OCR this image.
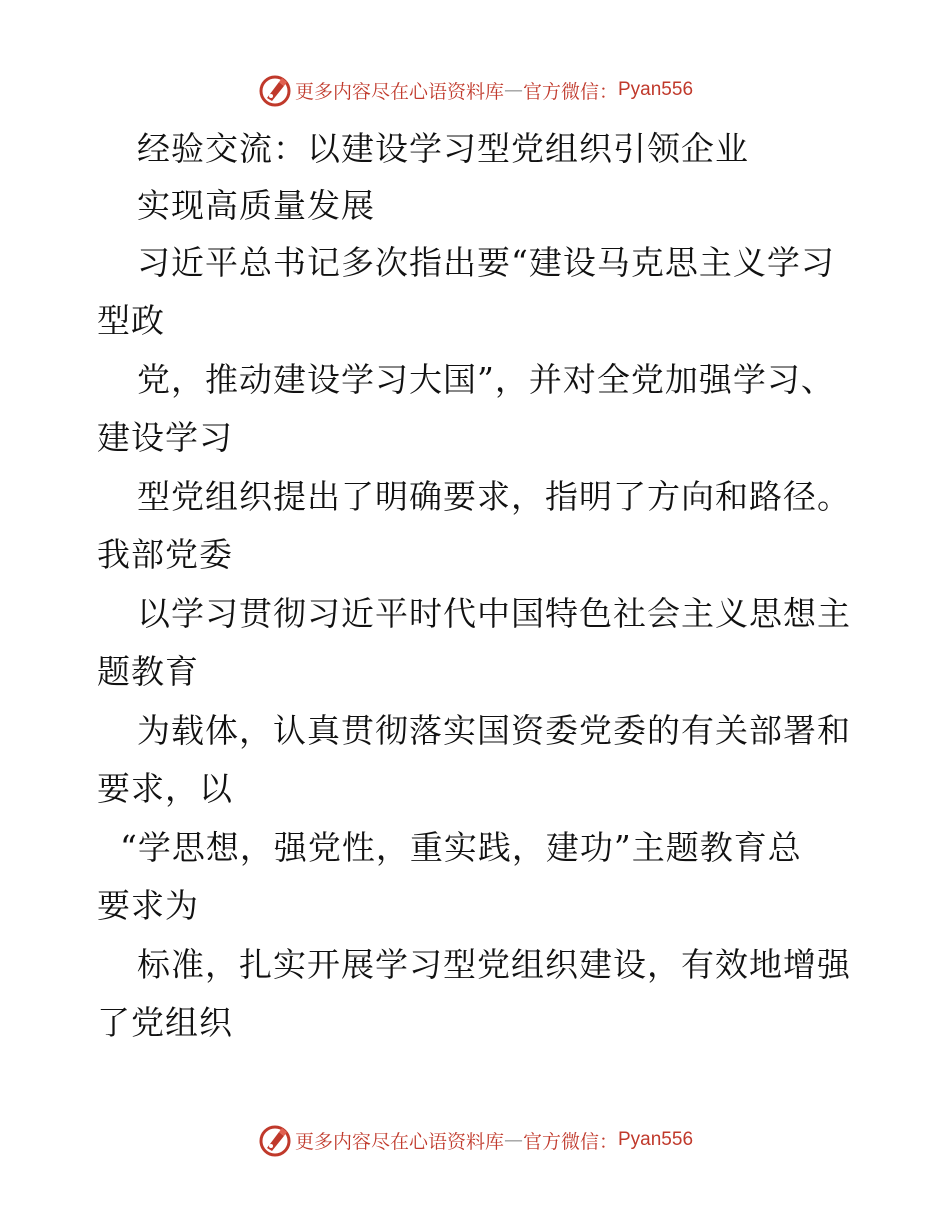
更多内容尽在心语资料库 — 官方微信： Pyan556
经验交流：以建设学习型党组织引领企业
实现高质量发展
习近平总书记多次指出要“建设马克思主义学习
型政
党，推动建设学习大国”，并对全党加强学习、
建设学习
型党组织提出了明确要求，指明了方向和路径。
我部党委
以学习贯彻习近平时代中国特色社会主义思想主
题教育
为载体，认真贯彻落实国资委党委的有关部署和
要求，以
“学思想，强党性，重实践，建功”主题教育总
要求为
标准，扎实开展学习型党组织建设，有效地增强
了党组织
更多内容尽在心语资料库 — 官方微信： Pyan556
